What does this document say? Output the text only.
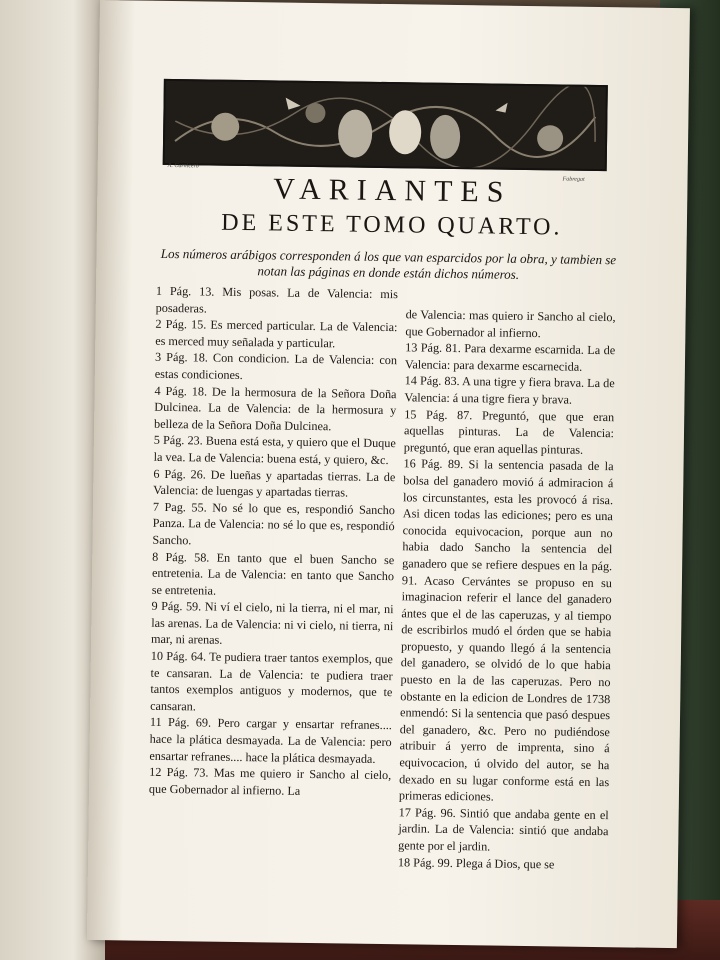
A. Carnicero
Fabregat
VARIANTES
DE ESTE TOMO QUARTO.
Los números arábigos corresponden á los que van esparcidos por la obra, y tambien se notan las páginas en donde están dichos números.

1 Pág. 13. Mis posas. La de Valencia: mis posaderas.

2 Pág. 15. Es merced particular. La de Valencia: es merced muy señalada y particular.

3 Pág. 18. Con condicion. La de Valencia: con estas condiciones.

4 Pág. 18. De la hermosura de la Señora Doña Dulcinea. La de Valencia: de la hermosura y belleza de la Señora Doña Dulcinea.

5 Pág. 23. Buena está esta, y quiero que el Duque la vea. La de Valencia: buena está, y quiero, &c.

6 Pág. 26. De lueñas y apartadas tierras. La de Valencia: de luengas y apartadas tierras.

7 Pag. 55. No sé lo que es, respondió Sancho Panza. La de Valencia: no sé lo que es, respondió Sancho.

8 Pág. 58. En tanto que el buen Sancho se entretenia. La de Valencia: en tanto que Sancho se entretenia.

9 Pág. 59. Ni ví el cielo, ni la tierra, ni el mar, ni las arenas. La de Valencia: ni vi cielo, ni tierra, ni mar, ni arenas.

10 Pág. 64. Te pudiera traer tantos exemplos, que te cansaran. La de Valencia: te pudiera traer tantos exemplos antiguos y modernos, que te cansaran.

11 Pág. 69. Pero cargar y ensartar refranes.... hace la plática desmayada. La de Valencia: pero ensartar refranes.... hace la plática desmayada.

12 Pág. 73. Mas me quiero ir Sancho al cielo, que Gobernador al infierno. La

de Valencia: mas quiero ir Sancho al cielo, que Gobernador al infierno.

13 Pág. 81. Para dexarme escarnida. La de Valencia: para dexarme escarnecida.

14 Pág. 83. A una tigre y fiera brava. La de Valencia: á una tigre fiera y brava.

15 Pág. 87. Preguntó, que que eran aquellas pinturas. La de Valencia: preguntó, que eran aquellas pinturas.

16 Pág. 89. Si la sentencia pasada de la bolsa del ganadero movió á admiracion á los circunstantes, esta les provocó á risa. Asi dicen todas las ediciones; pero es una conocida equivocacion, porque aun no habia dado Sancho la sentencia del ganadero que se refiere despues en la pág. 91. Acaso Cervántes se propuso en su imaginacion referir el lance del ganadero ántes que el de las caperuzas, y al tiempo de escribirlos mudó el órden que se habia propuesto, y quando llegó á la sentencia del ganadero, se olvidó de lo que habia puesto en la de las caperuzas. Pero no obstante en la edicion de Londres de 1738 enmendó: Si la sentencia que pasó despues del ganadero, &c. Pero no pudiéndose atribuir á yerro de imprenta, sino á equivocacion, ú olvido del autor, se ha dexado en su lugar conforme está en las primeras ediciones.

17 Pág. 96. Sintió que andaba gente en el jardin. La de Valencia: sintió que andaba gente por el jardin.

18 Pág. 99. Plega á Dios, que se
